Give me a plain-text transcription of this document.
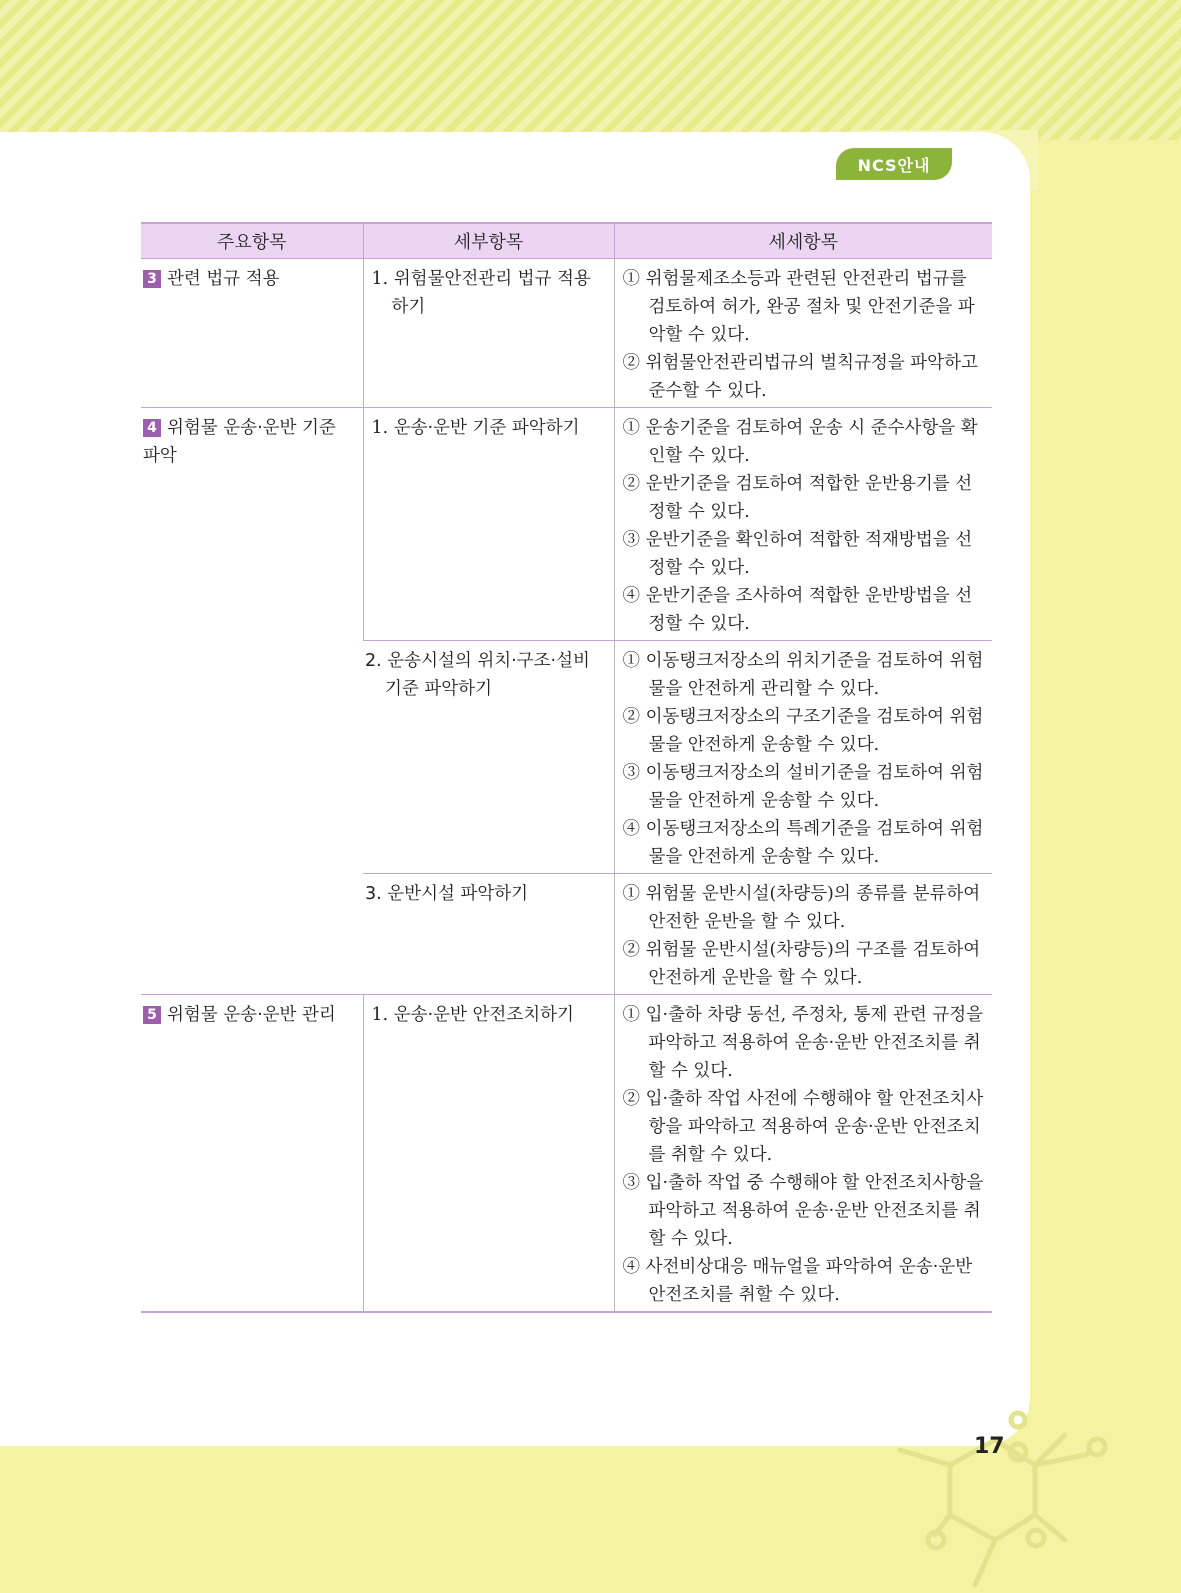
NCS안내
주요항목	세부항목	세세항목
3 관련 법규 적용	1. 위험물안전관리 법규 적용하기	① 위험물제조소등과 관련된 안전관리 법규를 검토하여 허가, 완공 절차 및 안전기준을 파악할 수 있다.
② 위험물안전관리법규의 벌칙규정을 파악하고 준수할 수 있다.

4 위험물 운송·운반 기준 파악	1. 운송·운반 기준 파악하기	① 운송기준을 검토하여 운송 시 준수사항을 확인할 수 있다.
② 운반기준을 검토하여 적합한 운반용기를 선정할 수 있다.
③ 운반기준을 확인하여 적합한 적재방법을 선정할 수 있다.
④ 운반기준을 조사하여 적합한 운반방법을 선정할 수 있다.

	2. 운송시설의 위치·구조·설비 기준 파악하기	① 이동탱크저장소의 위치기준을 검토하여 위험물을 안전하게 관리할 수 있다.
② 이동탱크저장소의 구조기준을 검토하여 위험물을 안전하게 운송할 수 있다.
③ 이동탱크저장소의 설비기준을 검토하여 위험물을 안전하게 운송할 수 있다.
④ 이동탱크저장소의 특례기준을 검토하여 위험물을 안전하게 운송할 수 있다.

	3. 운반시설 파악하기	① 위험물 운반시설(차량등)의 종류를 분류하여 안전한 운반을 할 수 있다.
② 위험물 운반시설(차량등)의 구조를 검토하여 안전하게 운반을 할 수 있다.

5 위험물 운송·운반 관리	1. 운송·운반 안전조치하기	① 입·출하 차량 동선, 주정차, 통제 관련 규정을 파악하고 적용하여 운송·운반 안전조치를 취할 수 있다.
② 입·출하 작업 사전에 수행해야 할 안전조치사항을 파악하고 적용하여 운송·운반 안전조치를 취할 수 있다.
③ 입·출하 작업 중 수행해야 할 안전조치사항을 파악하고 적용하여 운송·운반 안전조치를 취할 수 있다.
④ 사전비상대응 매뉴얼을 파악하여 운송·운반 안전조치를 취할 수 있다.
17
